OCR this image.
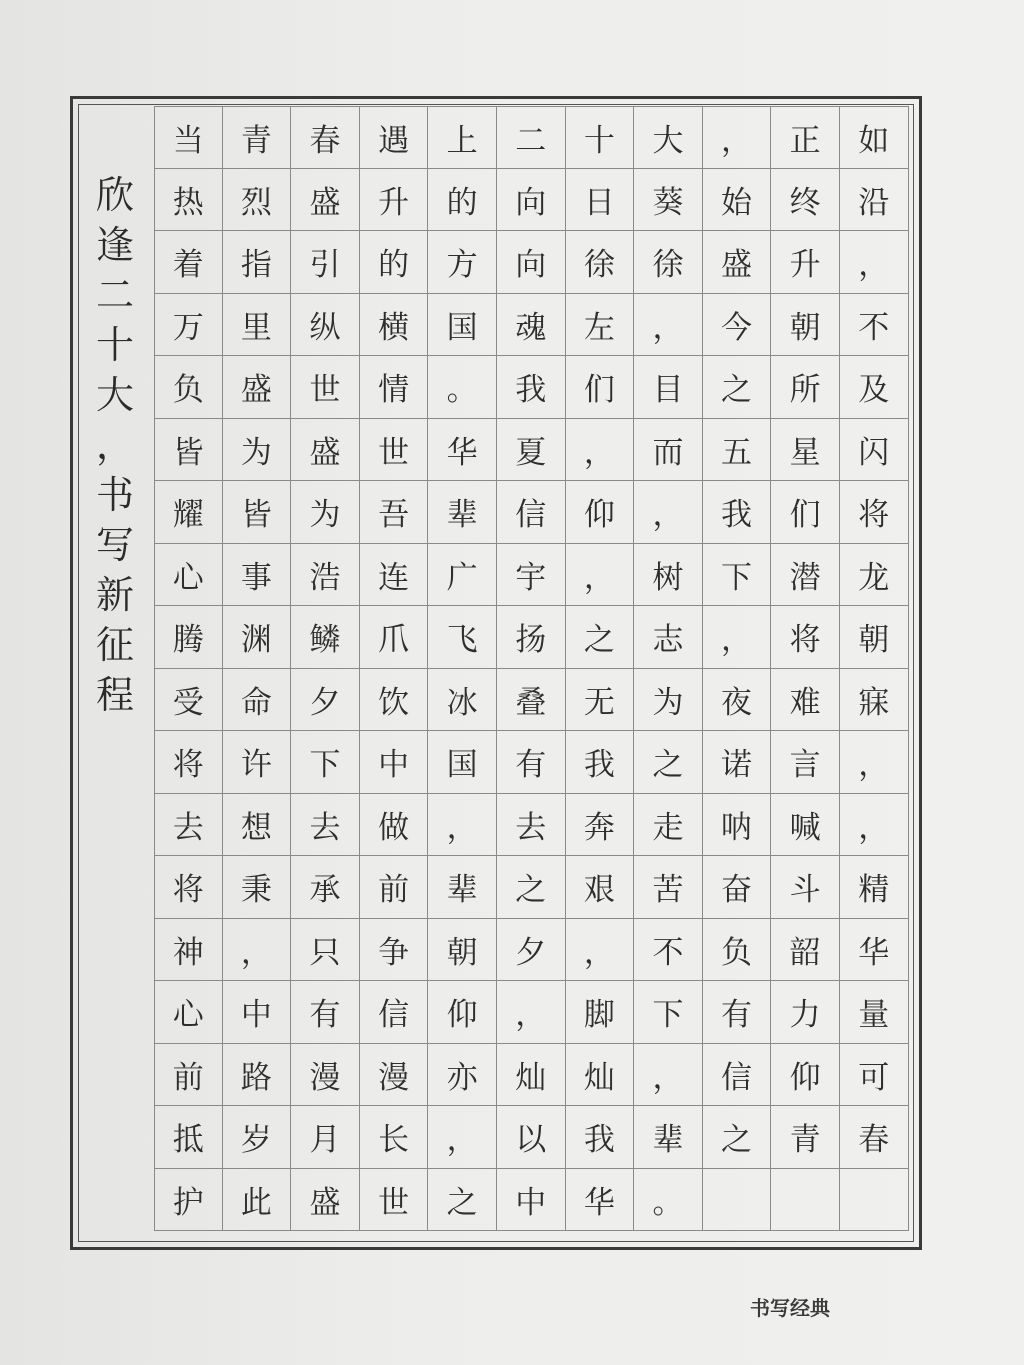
欣
逢
二
十
大
，
书
写
新
征
程
当	青	春	遇	上	二	十	大	，	正	如
热	烈	盛	升	的	向	日	葵	始	终	沿
着	指	引	的	方	向	徐	徐	盛	升	，
万	里	纵	横	国	魂	左	，	今	朝	不
负	盛	世	情	。	我	们	目	之	所	及
皆	为	盛	世	华	夏	，	而	五	星	闪
耀	皆	为	吾	辈	信	仰	，	我	们	将
心	事	浩	连	广	宇	，	树	下	潜	龙
腾	渊	鳞	爪	飞	扬	之	志	，	将	朝
受	命	夕	饮	冰	叠	无	为	夜	难	寐
将	许	下	中	国	有	我	之	诺	言	，
去	想	去	做	，	去	奔	走	呐	喊	，
将	秉	承	前	辈	之	艰	苦	奋	斗	精
神	，	只	争	朝	夕	，	不	负	韶	华
心	中	有	信	仰	，	脚	下	有	力	量
前	路	漫	漫	亦	灿	灿	，	信	仰	可
抵	岁	月	长	，	以	我	辈	之	青	春
护	此	盛	世	之	中	华	。
书写经典
